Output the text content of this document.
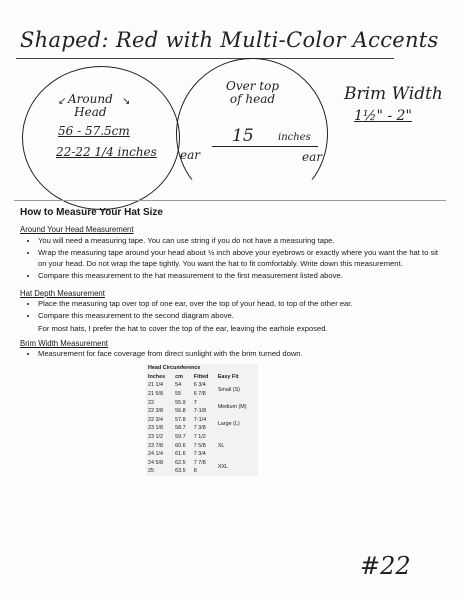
Shaped: Red with Multi-Color Accents
↙	↘
Around
Head
56 - 57.5cm
22-22 1/4 inches
Over top
of head
15 inches
ear	ear
Brim Width
1½" - 2"
How to Measure Your Hat Size
Around Your Head Measurement
• You will need a measuring tape. You can use string if you do not have a measuring tape.
• Wrap the measuring tape around your head about ½ inch above your eyebrows or exactly where you want the hat to sit on your head. Do not wrap the tape tightly. You want the hat to fit comfortably. Write down this measurement.
• Compare this measurement to the hat measurement to the first measurement listed above.
Hat Depth Measurement
• Place the measuring tap over top of one ear, over the top of your head, to top of the other ear.
• Compare this measurement to the second diagram above.
For most hats, I prefer the hat to cover the top of the ear, leaving the earhole exposed.
Brim Width Measurement
• Measurement for face coverage from direct sunlight with the brim turned down.
Head Circumference			
Inches	cm	Fitted	Easy Fit
21 1/4	54	6 3/4	Small (S)
21 5/8	55	6 7/8	
22	55.9	7	Medium (M)
22 3/8	56.8	7-1/8	
22 3/4	57.8	7-1/4	Large (L)
23 1/8	58.7	7 3/8	
23 1/2	59.7	7 1/2	XL
23 7/8	60.6	7 5/8	
24 1/4	61.6	7 3/4	
24 5/8	62.5	7 7/8	XXL
25	63.5	8	
#22
